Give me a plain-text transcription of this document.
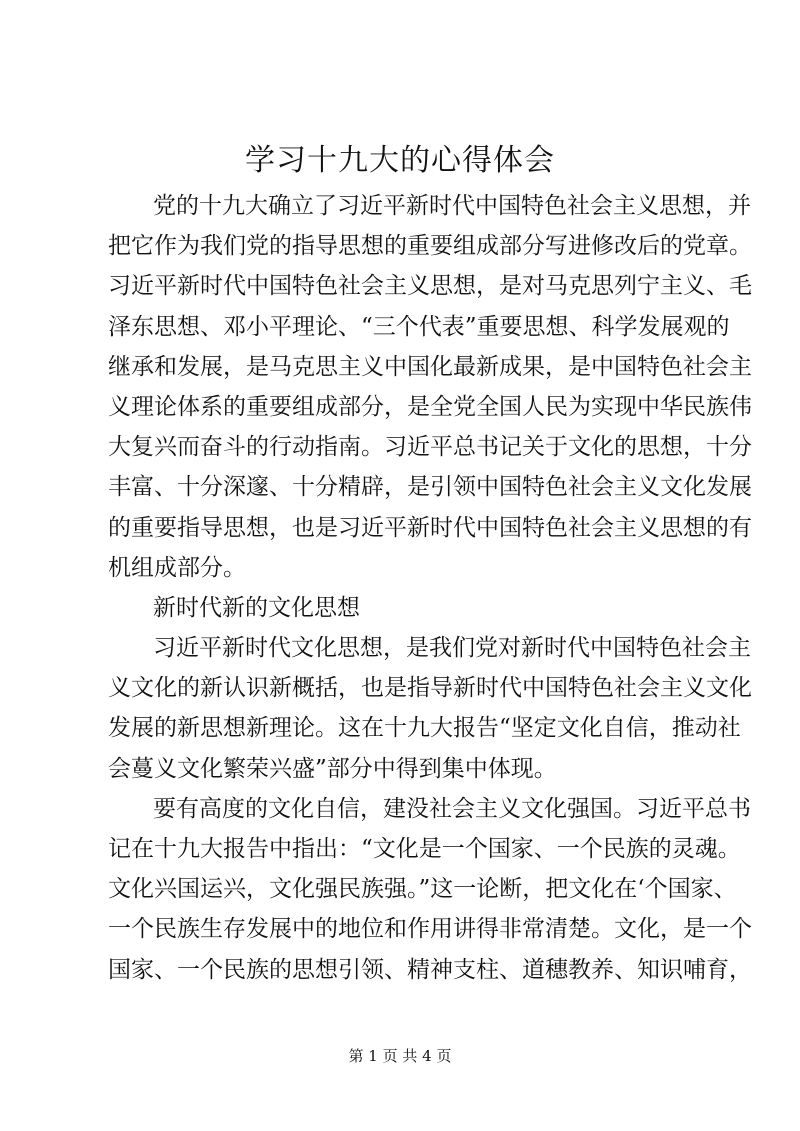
学习十九大的心得体会
党的十九大确立了习近平新时代中国特色社会主义思想，并
把它作为我们党的指导思想的重要组成部分写进修改后的党章。
习近平新时代中国特色社会主义思想，是对马克思列宁主义、毛
泽东思想、邓小平理论、“三个代表”重要思想、科学发展观的
继承和发展，是马克思主义中国化最新成果，是中国特色社会主
义理论体系的重要组成部分，是全党全国人民为实现中华民族伟
大复兴而奋斗的行动指南。习近平总书记关于文化的思想，十分
丰富、十分深邃、十分精辟，是引领中国特色社会主义文化发展
的重要指导思想，也是习近平新时代中国特色社会主义思想的有
机组成部分。
新时代新的文化思想
习近平新时代文化思想，是我们党对新时代中国特色社会主
义文化的新认识新概括，也是指导新时代中国特色社会主义文化
发展的新思想新理论。这在十九大报告“坚定文化自信，推动社
会蔓义文化繁荣兴盛”部分中得到集中体现。
要有高度的文化自信，建没社会主义文化强国。习近平总书
记在十九大报告中指出：“文化是一个国家、一个民族的灵魂。
文化兴国运兴，文化强民族强。”这一论断，把文化在‘个国家、
一个民族生存发展中的地位和作用讲得非常清楚。文化，是一个
国家、一个民族的思想引领、精神支柱、道穗教养、知识哺育，
第 1 页 共 4 页
